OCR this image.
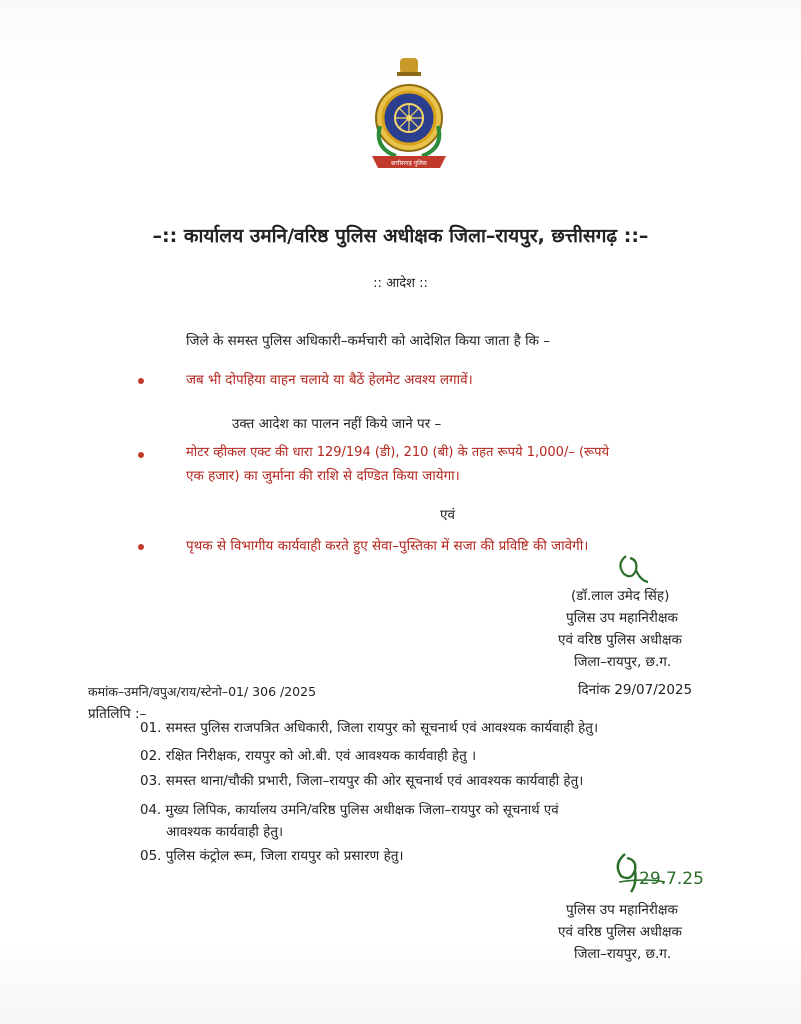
छत्तीसगढ़ पुलिस
–:: कार्यालय उमनि/वरिष्ठ पुलिस अधीक्षक जिला–रायपुर, छत्तीसगढ़ ::–
:: आदेश ::
जिले के समस्त पुलिस अधिकारी–कर्मचारी को आदेशित किया जाता है कि –
जब भी दोपहिया वाहन चलाये या बैठें हेलमेट अवश्य लगावें।
उक्त आदेश का पालन नहीं किये जाने पर –
मोटर व्हीकल एक्ट की धारा 129/194 (डी), 210 (बी) के तहत रूपये 1,000/– (रूपये
एक हजार) का जुर्माना की राशि से दण्डित किया जायेगा।
एवं
पृथक से विभागीय कार्यवाही करते हुए सेवा–पुस्तिका में सजा की प्रविष्टि की जावेगी।
(डॉ.लाल उमेद सिंह)
पुलिस उप महानिरीक्षक
एवं वरिष्ठ पुलिस अधीक्षक
जिला–रायपुर, छ.ग.
कमांक–उमनि/वपुअ/राय/स्टेनो–01/ 306 /2025	दिनांक 29/07/2025
प्रतिलिपि :–
01. समस्त पुलिस राजपत्रित अधिकारी, जिला रायपुर को सूचनार्थ एवं आवश्यक कार्यवाही हेतु।
02. रक्षित निरीक्षक, रायपुर को ओ.बी. एवं आवश्यक कार्यवाही हेतु ।
03. समस्त थाना/चौकी प्रभारी, जिला–रायपुर की ओर सूचनार्थ एवं आवश्यक कार्यवाही हेतु।
04. मुख्य लिपिक, कार्यालय उमनि/वरिष्ठ पुलिस अधीक्षक जिला–रायपुर को सूचनार्थ एवं
आवश्यक कार्यवाही हेतु।
05. पुलिस कंट्रोल रूम, जिला रायपुर को प्रसारण हेतु।
29.7.25
पुलिस उप महानिरीक्षक
एवं वरिष्ठ पुलिस अधीक्षक
जिला–रायपुर, छ.ग.
